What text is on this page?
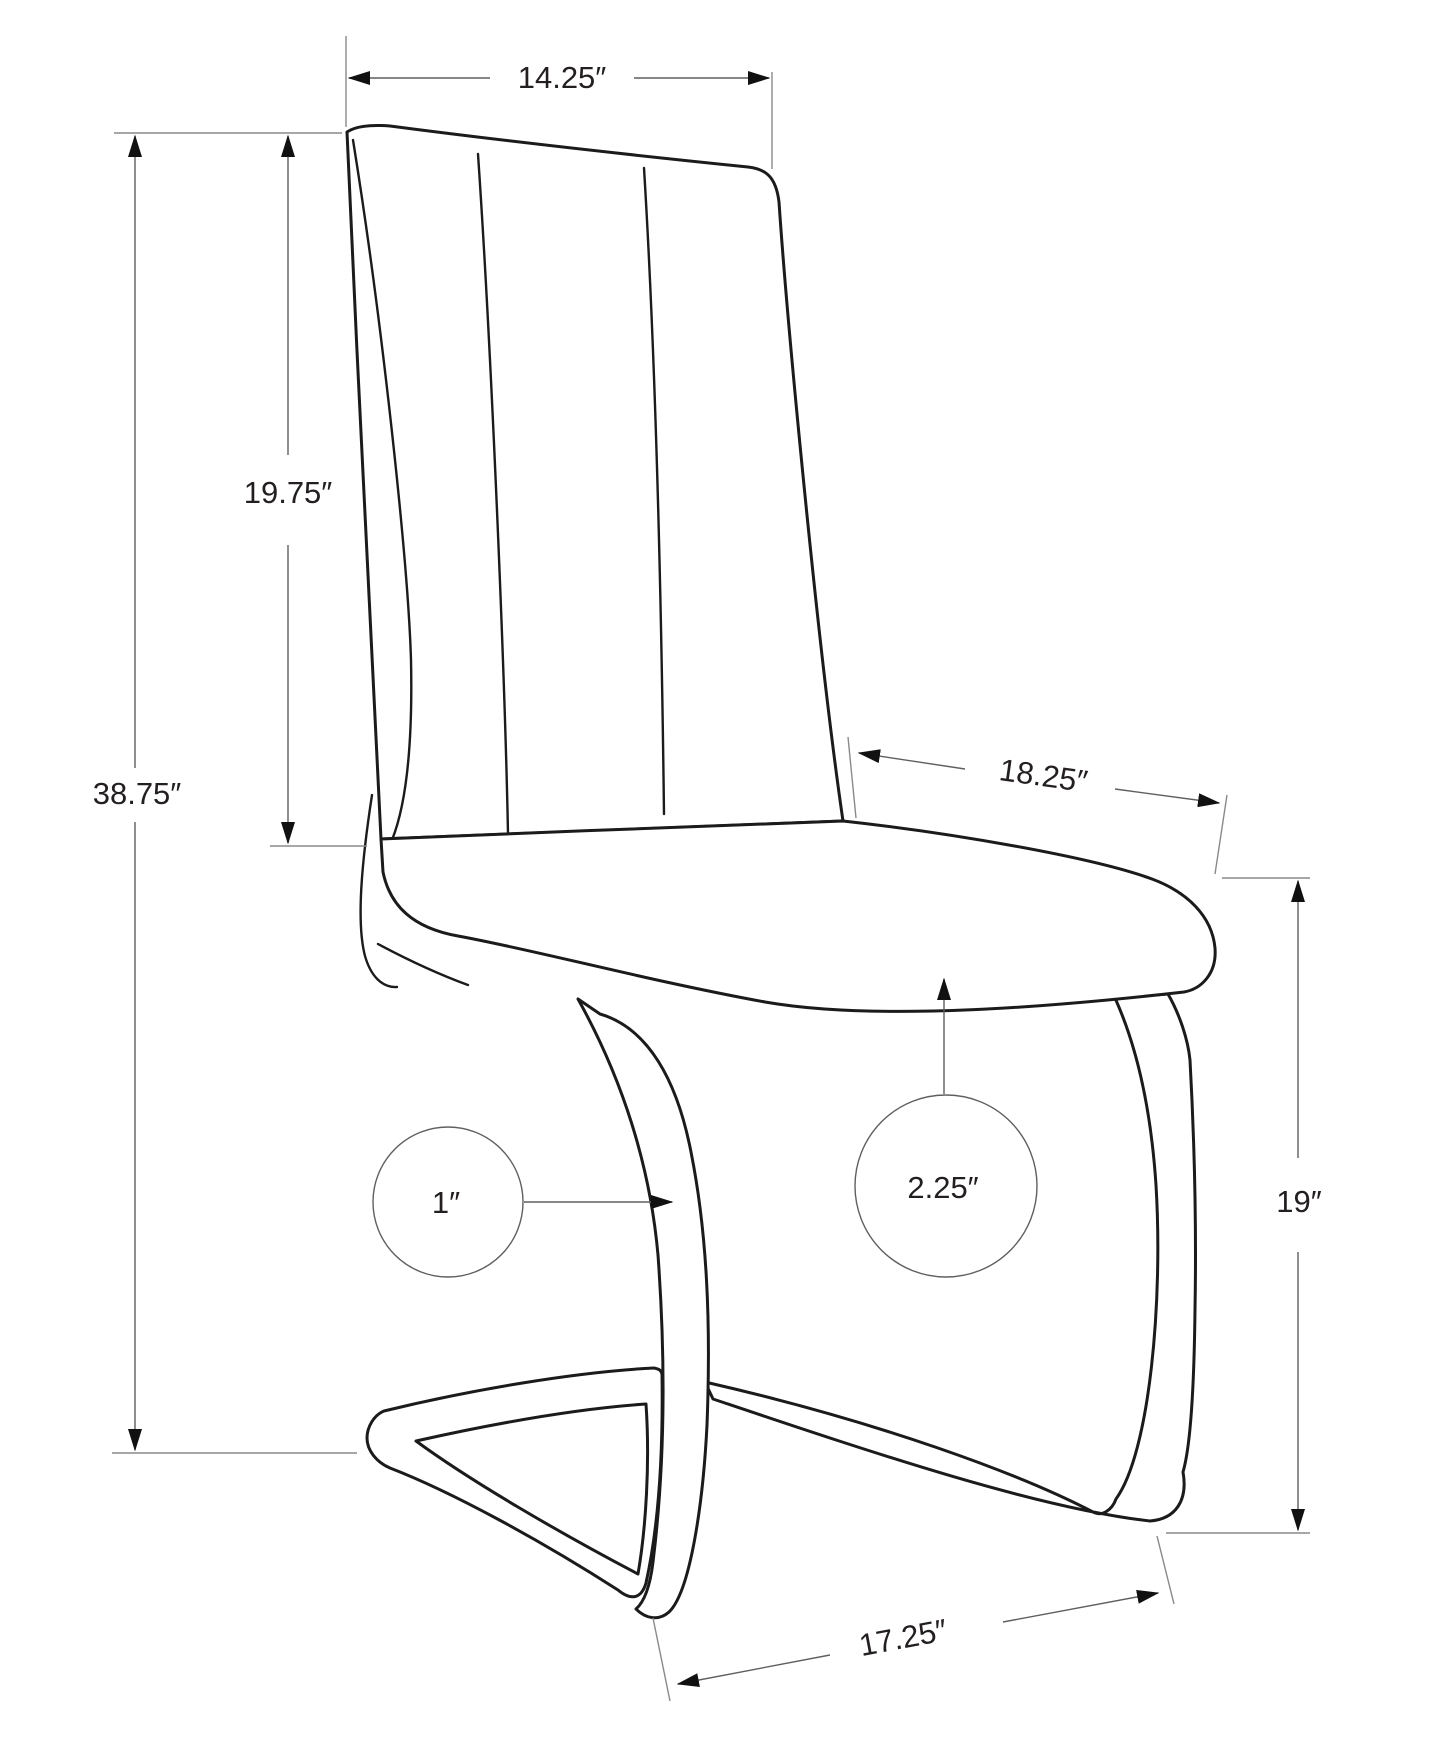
14.25″
19.75″
38.75″	18.25″
19″
17.25″
1″	2.25″
